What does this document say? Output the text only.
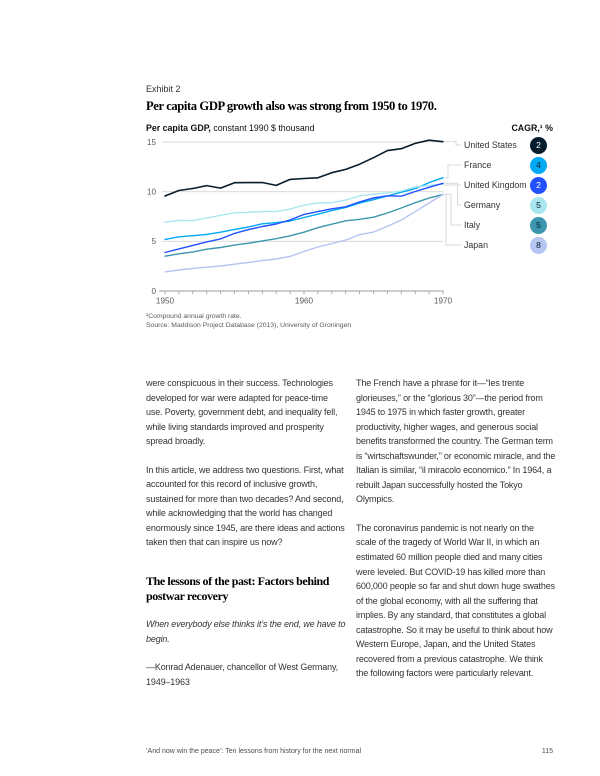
Exhibit 2
Per capita GDP growth also was strong from 1950 to 1970.
Per capita GDP, constant 1990 $ thousand	CAGR,¹ %
0
5
10
15
1950	1960	1970
United States	2
France	4
United Kingdom	2
Germany	5
Italy	5
Japan	8
¹Compound annual growth rate.
Source: Maddison Project Database (2013), University of Groningen

were conspicuous in their success. Technologies developed for war were adapted for peace-time use. Poverty, government debt, and inequality fell, while living standards improved and prosperity spread broadly.

In this article, we address two questions. First, what accounted for this record of inclusive growth, sustained for more than two decades? And second, while acknowledging that the world has changed enormously since 1945, are there ideas and actions taken then that can inspire us now?

The lessons of the past: Factors behind
postwar recovery

When everybody else thinks it’s the end, we have to begin.

—Konrad Adenauer, chancellor of West Germany, 1949–1963

The French have a phrase for it—“les trente glorieuses,” or the “glorious 30”—the period from 1945 to 1975 in which faster growth, greater productivity, higher wages, and generous social benefits transformed the country. The German term is “wirtschaftswunder,” or economic miracle, and the Italian is similar, “il miracolo economico.” In 1964, a rebuilt Japan successfully hosted the Tokyo Olympics.

The coronavirus pandemic is not nearly on the scale of the tragedy of World War II, in which an estimated 60 million people died and many cities were leveled. But COVID-19 has killed more than 600,000 people so far and shut down huge swathes of the global economy, with all the suffering that implies. By any standard, that constitutes a global catastrophe. So it may be useful to think about how Western Europe, Japan, and the United States recovered from a previous catastrophe. We think the following factors were particularly relevant.

’And now win the peace’: Ten lessons from history for the next normal	115
